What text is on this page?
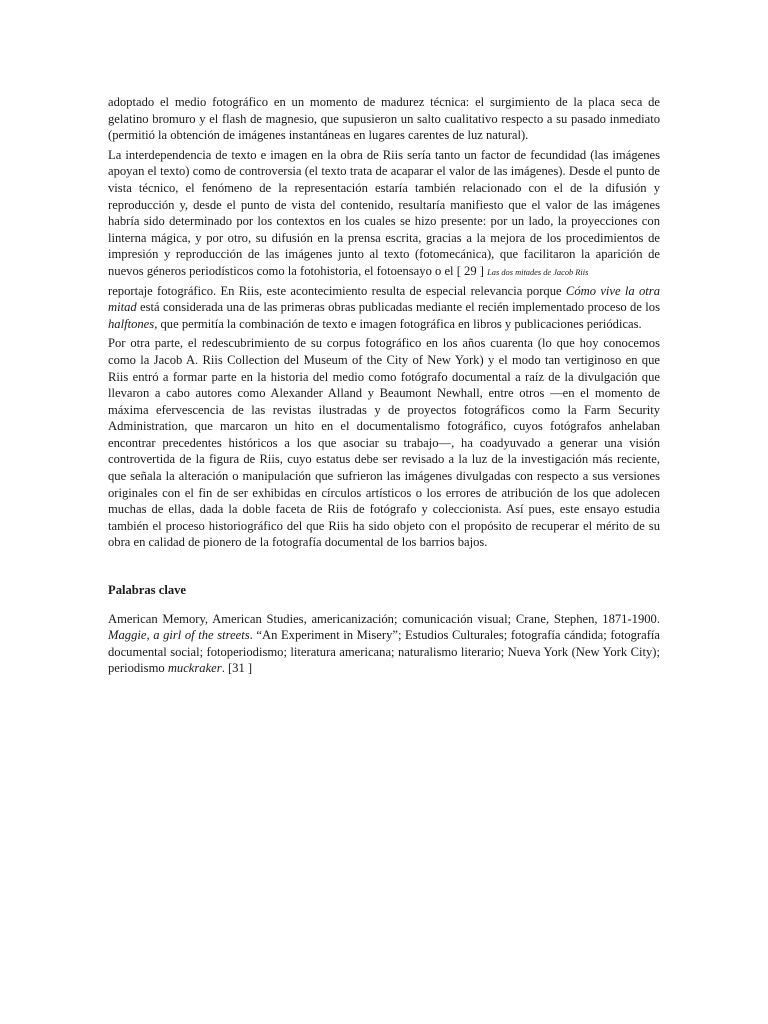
adoptado el medio fotográfico en un momento de madurez técnica: el surgimiento de la placa seca de gelatino bromuro y el flash de magnesio, que supusieron un salto cualitativo respecto a su pasado inmediato (permitió la obtención de imágenes instantáneas en lugares carentes de luz natural).

La interdependencia de texto e imagen en la obra de Riis sería tanto un factor de fecundidad (las imágenes apoyan el texto) como de controversia (el texto trata de acaparar el valor de las imágenes). Desde el punto de vista técnico, el fenómeno de la representación estaría también relacionado con el de la difusión y reproducción y, desde el punto de vista del contenido, resultaría manifiesto que el valor de las imágenes habría sido determinado por los contextos en los cuales se hizo presente: por un lado, la proyecciones con linterna mágica, y por otro, su difusión en la prensa escrita, gracias a la mejora de los procedimientos de impresión y reproducción de las imágenes junto al texto (fotomecánica), que facilitaron la aparición de nuevos géneros periodísticos como la fotohistoria, el fotoensayo o el [ 29 ] Las dos mitades de Jacob Riis

reportaje fotográfico. En Riis, este acontecimiento resulta de especial relevancia porque Cómo vive la otra mitad está considerada una de las primeras obras publicadas mediante el recién implementado proceso de los halftones, que permitía la combinación de texto e imagen fotográfica en libros y publicaciones periódicas.

Por otra parte, el redescubrimiento de su corpus fotográfico en los años cuarenta (lo que hoy conocemos como la Jacob A. Riis Collection del Museum of the City of New York) y el modo tan vertiginoso en que Riis entró a formar parte en la historia del medio como fotógrafo documental a raíz de la divulgación que llevaron a cabo autores como Alexander Alland y Beaumont Newhall, entre otros —en el momento de máxima efervescencia de las revistas ilustradas y de proyectos fotográficos como la Farm Security Administration, que marcaron un hito en el documentalismo fotográfico, cuyos fotógrafos anhelaban encontrar precedentes históricos a los que asociar su trabajo—, ha coadyuvado a generar una visión controvertida de la figura de Riis, cuyo estatus debe ser revisado a la luz de la investigación más reciente, que señala la alteración o manipulación que sufrieron las imágenes divulgadas con respecto a sus versiones originales con el fin de ser exhibidas en círculos artísticos o los errores de atribución de los que adolecen muchas de ellas, dada la doble faceta de Riis de fotógrafo y coleccionista. Así pues, este ensayo estudia también el proceso historiográfico del que Riis ha sido objeto con el propósito de recuperar el mérito de su obra en calidad de pionero de la fotografía documental de los barrios bajos.

Palabras clave

American Memory, American Studies, americanización; comunicación visual; Crane, Stephen, 1871-1900. Maggie, a girl of the streets. “An Experiment in Misery”; Estudios Culturales; fotografía cándida; fotografía documental social; fotoperiodismo; literatura americana; naturalismo literario; Nueva York (New York City); periodismo muckraker. [31 ]
